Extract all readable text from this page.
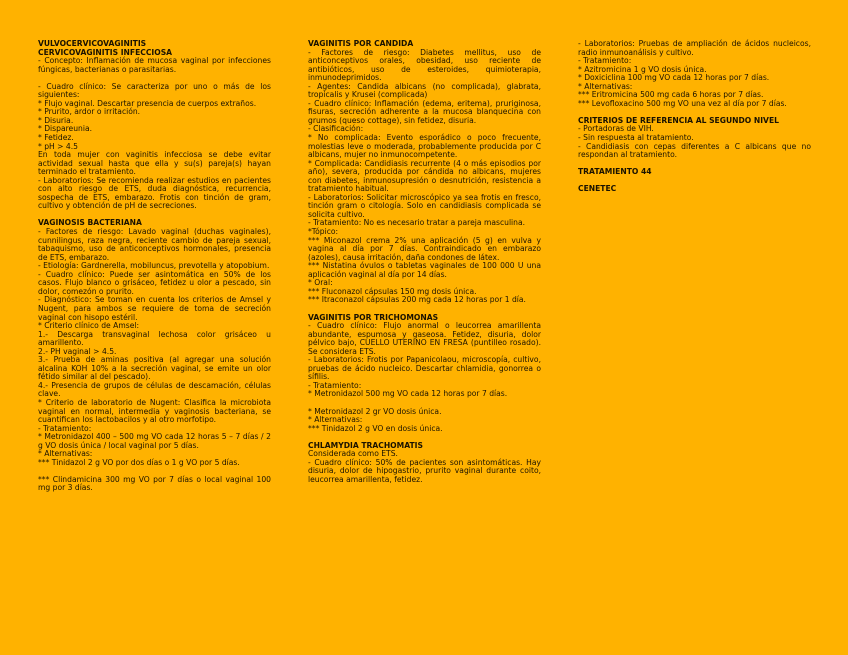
VULVOCERVICOVAGINITIS

CERVICOVAGINITIS INFECCIOSA

- Concepto: Inflamación de mucosa vaginal por infecciones fúngicas, bacterianas o parasitarias.

- Cuadro clínico: Se caracteriza por uno o más de los siguientes:

* Flujo vaginal. Descartar presencia de cuerpos extraños.

* Prurito, ardor o irritación.

* Disuria.

* Dispareunia.

* Fetidez.

* pH > 4.5

En toda mujer con vaginitis infecciosa se debe evitar actividad sexual hasta que ella y su(s) pareja(s) hayan terminado el tratamiento.

- Laboratorios: Se recomienda realizar estudios en pacientes con alto riesgo de ETS, duda diagnóstica, recurrencia, sospecha de ETS, embarazo. Frotis con tinción de gram, cultivo y obtención de pH de secreciones.

VAGINOSIS BACTERIANA

- Factores de riesgo: Lavado vaginal (duchas vaginales), cunnilingus, raza negra, reciente cambio de pareja sexual, tabaquismo, uso de anticonceptivos hormonales, presencia de ETS, embarazo.

- Etiología: Gardnerella, mobiluncus, prevotella y atopobium.

- Cuadro clínico: Puede ser asintomática en 50% de los casos. Flujo blanco o grisáceo, fetidez u olor a pescado, sin dolor, comezón o prurito.

- Diagnóstico: Se toman en cuenta los criterios de Amsel y Nugent, para ambos se requiere de toma de secreción vaginal con hisopo estéril.

* Criterio clínico de Amsel:

1.- Descarga transvaginal lechosa color grisáceo u amarillento.

2.- PH vaginal > 4.5.

3.- Prueba de aminas positiva (al agregar una solución alcalina KOH 10% a la secreción vaginal, se emite un olor fétido similar al del pescado).

4.- Presencia de grupos de células de descamación, células clave.

* Criterio de laboratorio de Nugent: Clasifica la microbiota vaginal en normal, intermedia y vaginosis bacteriana, se cuantifican los lactobacilos y al otro morfotipo.

- Tratamiento:

* Metronidazol 400 – 500 mg VO cada 12 horas 5 – 7 días / 2 g VO dosis única / local vaginal por 5 días.

* Alternativas:

*** Tinidazol 2 g VO por dos días o 1 g VO por 5 días.

*** Clindamicina 300 mg VO por 7 días o local vaginal 100 mg por 3 días.

VAGINITIS POR CANDIDA

- Factores de riesgo: Diabetes mellitus, uso de anticonceptivos orales, obesidad, uso reciente de antibióticos, uso de esteroides, quimioterapia, inmunodeprimidos.

- Agentes: Candida albicans (no complicada), glabrata, tropicalis y Krusei (complicada)

- Cuadro clínico: Inflamación (edema, eritema), pruriginosa, fisuras, secreción adherente a la mucosa blanquecina con grumos (queso cottage), sin fetidez, disuria.

- Clasificación:

* No complicada: Evento esporádico o poco frecuente, molestias leve o moderada, probablemente producida por C albicans, mujer no inmunocompetente.

* Complicada: Candidiasis recurrente (4 o más episodios por año), severa, producida por cándida no albicans, mujeres con diabetes, inmunosupresión o desnutrición, resistencia a tratamiento habitual.

- Laboratorios: Solicitar microscópico ya sea frotis en fresco, tinción gram o citología. Solo en candidiasis complicada se solicita cultivo.

- Tratamiento: No es necesario tratar a pareja masculina.

*Tópico:

*** Miconazol crema 2% una aplicación (5 g) en vulva y vagina al día por 7 días. Contraindicado en embarazo (azoles), causa irritación, daña condones de látex.

*** Nistatina óvulos o tabletas vaginales de 100 000 U una aplicación vaginal al día por 14 días.

* Oral:

*** Fluconazol cápsulas 150 mg dosis única.

*** Itraconazol cápsulas 200 mg cada 12 horas por 1 día.

VAGINITIS POR TRICHOMONAS

- Cuadro clínico: Flujo anormal o leucorrea amarillenta abundante, espumosa y gaseosa. Fetidez, disuria, dolor pélvico bajo, CUELLO UTERINO EN FRESA (puntilleo rosado). Se considera ETS.

- Laboratorios: Frotis por Papanicolaou, microscopía, cultivo, pruebas de ácido nucleico. Descartar chlamidia, gonorrea o sífilis.

- Tratamiento:

* Metronidazol 500 mg VO cada 12 horas por 7 días.

* Metronidazol 2 gr VO dosis única.

* Alternativas:

*** Tinidazol 2 g VO en dosis única.

CHLAMYDIA TRACHOMATIS

Considerada como ETS.

- Cuadro clínico: 50% de pacientes son asintomáticas. Hay disuria, dolor de hipogastrio, prurito vaginal durante coito, leucorrea amarillenta, fetidez.

- Laboratorios: Pruebas de ampliación de ácidos nucleicos, radio inmunoanálisis y cultivo.

- Tratamiento:

* Azitromicina 1 g VO dosis única.

* Doxiciclina 100 mg VO cada 12 horas por 7 días.

* Alternativas:

*** Eritromicina 500 mg cada 6 horas por 7 días.

*** Levofloxacino 500 mg VO una vez al día por 7 días.

CRITERIOS DE REFERENCIA AL SEGUNDO NIVEL

- Portadoras de VIH.

- Sin respuesta al tratamiento.

- Candidiasis con cepas diferentes a C albicans que no respondan al tratamiento.

TRATAMIENTO 44

CENETEC
